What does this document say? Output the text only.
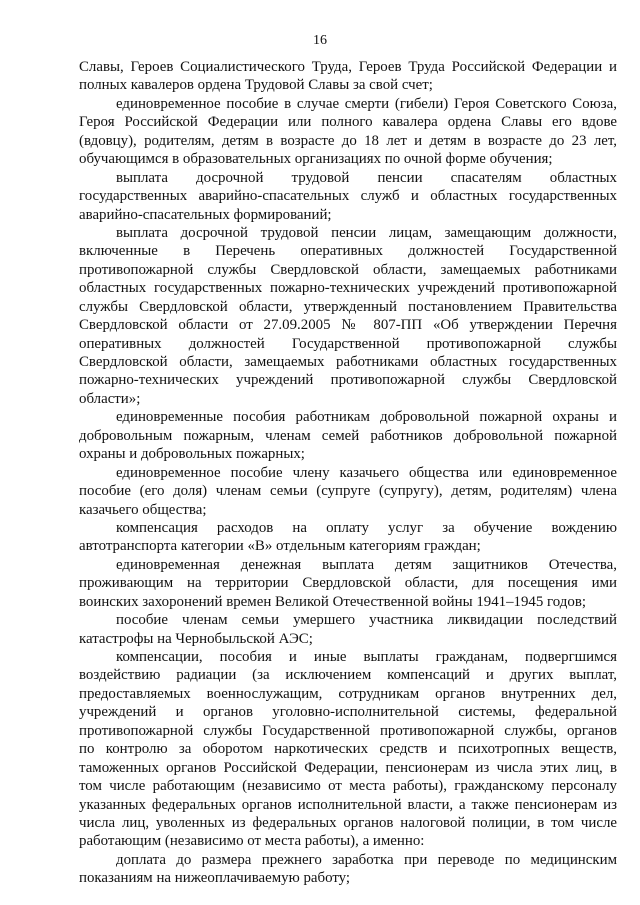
16
Славы, Героев Социалистического Труда, Героев Труда Российской Федерации и
полных кавалеров ордена Трудовой Славы за свой счет;
единовременное пособие в случае смерти (гибели) Героя Советского Союза,
Героя Российской Федерации или полного кавалера ордена Славы его вдове
(вдовцу), родителям, детям в возрасте до 18 лет и детям в возрасте до 23 лет,
обучающимся в образовательных организациях по очной форме обучения;
выплата досрочной трудовой пенсии спасателям областных
государственных аварийно-спасательных служб и областных государственных
аварийно-спасательных формирований;
выплата досрочной трудовой пенсии лицам, замещающим должности,
включенные в Перечень оперативных должностей Государственной
противопожарной службы Свердловской области, замещаемых работниками
областных государственных пожарно-технических учреждений противопожарной
службы Свердловской области, утвержденный постановлением Правительства
Свердловской области от 27.09.2005 № 807-ПП «Об утверждении Перечня
оперативных должностей Государственной противопожарной службы
Свердловской области, замещаемых работниками областных государственных
пожарно-технических учреждений противопожарной службы Свердловской
области»;
единовременные пособия работникам добровольной пожарной охраны и
добровольным пожарным, членам семей работников добровольной пожарной
охраны и добровольных пожарных;
единовременное пособие члену казачьего общества или единовременное
пособие (его доля) членам семьи (супруге (супругу), детям, родителям) члена
казачьего общества;
компенсация расходов на оплату услуг за обучение вождению
автотранспорта категории «В» отдельным категориям граждан;
единовременная денежная выплата детям защитников Отечества,
проживающим на территории Свердловской области, для посещения ими
воинских захоронений времен Великой Отечественной войны 1941–1945 годов;
пособие членам семьи умершего участника ликвидации последствий
катастрофы на Чернобыльской АЭС;
компенсации, пособия и иные выплаты гражданам, подвергшимся
воздействию радиации (за исключением компенсаций и других выплат,
предоставляемых военнослужащим, сотрудникам органов внутренних дел,
учреждений и органов уголовно-исполнительной системы, федеральной
противопожарной службы Государственной противопожарной службы, органов
по контролю за оборотом наркотических средств и психотропных веществ,
таможенных органов Российской Федерации, пенсионерам из числа этих лиц, в
том числе работающим (независимо от места работы), гражданскому персоналу
указанных федеральных органов исполнительной власти, а также пенсионерам из
числа лиц, уволенных из федеральных органов налоговой полиции, в том числе
работающим (независимо от места работы), а именно:
доплата до размера прежнего заработка при переводе по медицинским
показаниям на нижеоплачиваемую работу;
